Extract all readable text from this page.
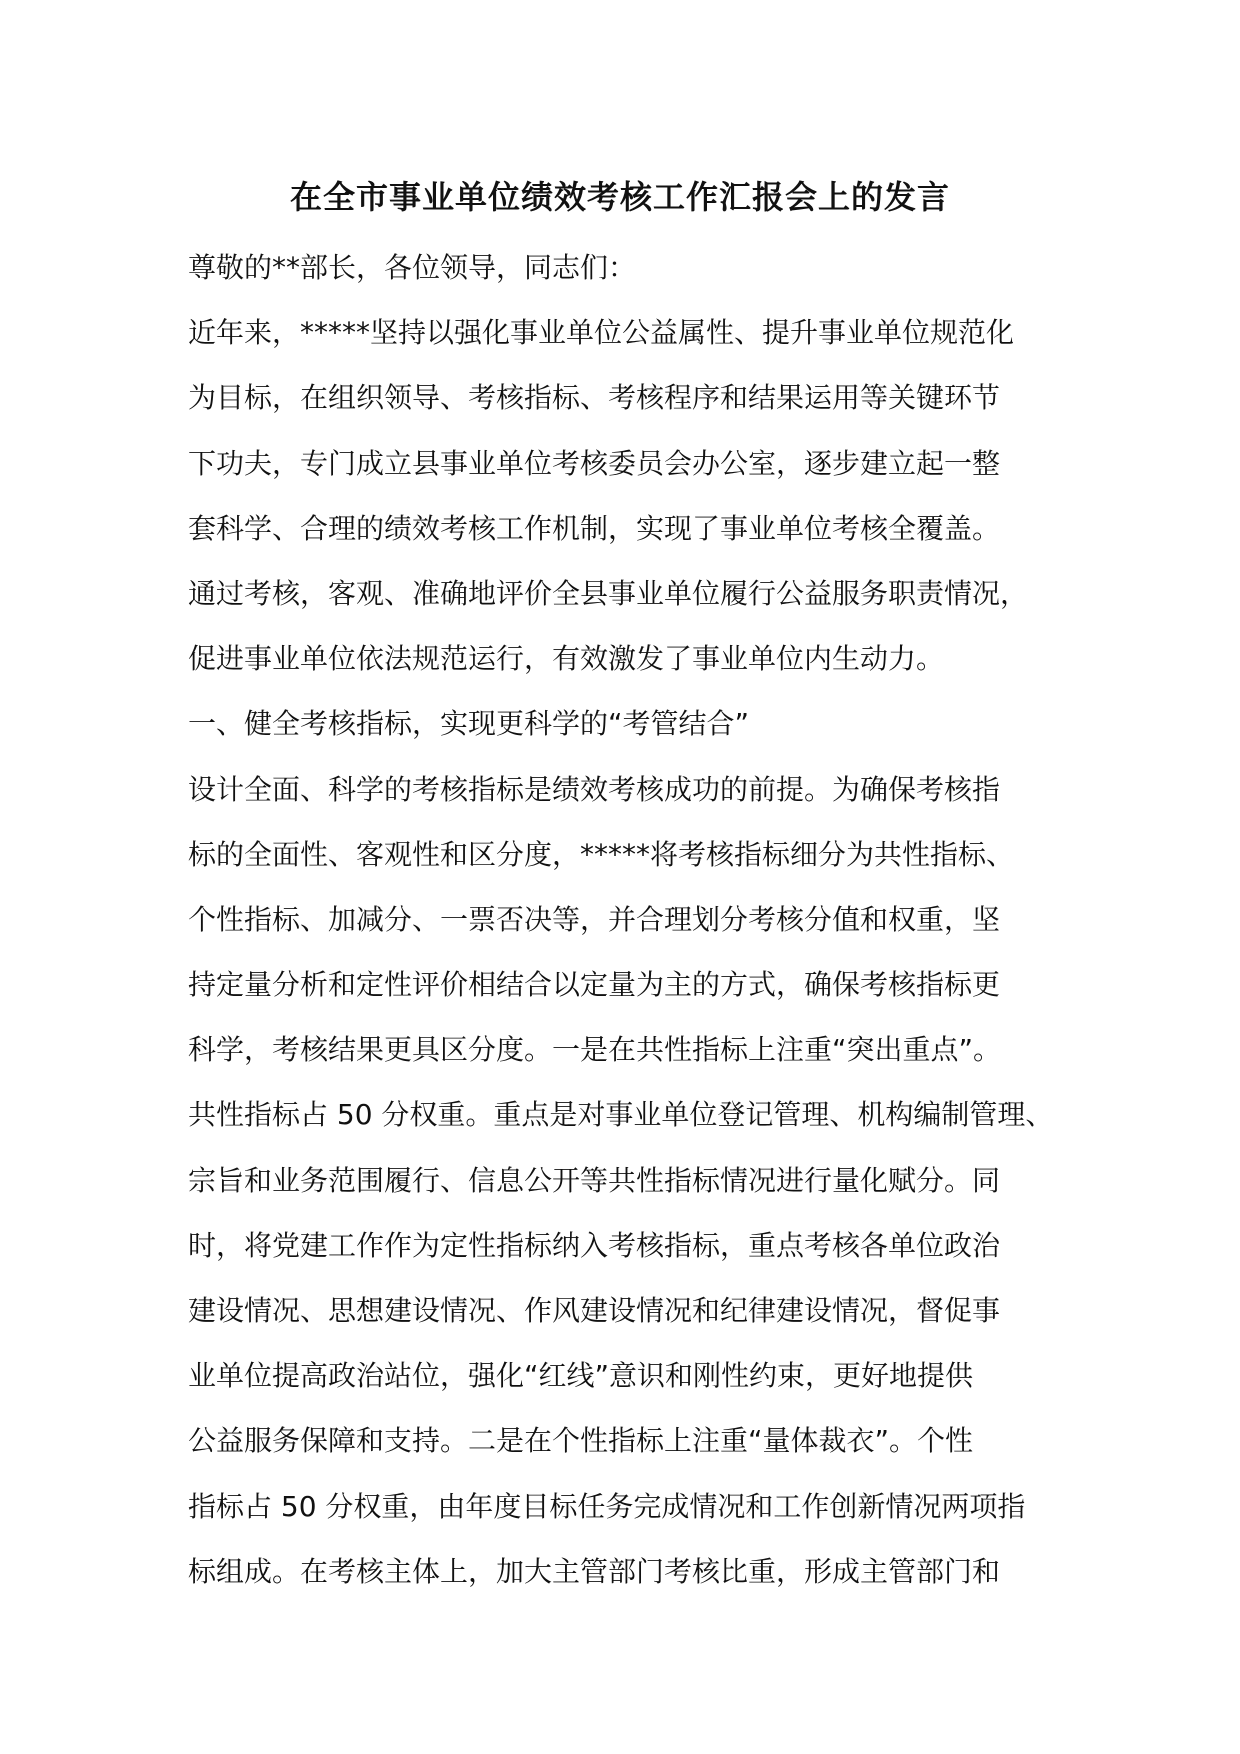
在全市事业单位绩效考核工作汇报会上的发言
尊敬的**部长，各位领导，同志们：
近年来，*****坚持以强化事业单位公益属性、提升事业单位规范化
为目标，在组织领导、考核指标、考核程序和结果运用等关键环节
下功夫，专门成立县事业单位考核委员会办公室，逐步建立起一整
套科学、合理的绩效考核工作机制，实现了事业单位考核全覆盖。
通过考核，客观、准确地评价全县事业单位履行公益服务职责情况，
促进事业单位依法规范运行，有效激发了事业单位内生动力。
一、健全考核指标，实现更科学的“考管结合”
设计全面、科学的考核指标是绩效考核成功的前提。为确保考核指
标的全面性、客观性和区分度，*****将考核指标细分为共性指标、
个性指标、加减分、一票否决等，并合理划分考核分值和权重，坚
持定量分析和定性评价相结合以定量为主的方式，确保考核指标更
科学，考核结果更具区分度。一是在共性指标上注重“突出重点”。
共性指标占 50 分权重。重点是对事业单位登记管理、机构编制管理、
宗旨和业务范围履行、信息公开等共性指标情况进行量化赋分。同
时，将党建工作作为定性指标纳入考核指标，重点考核各单位政治
建设情况、思想建设情况、作风建设情况和纪律建设情况，督促事
业单位提高政治站位，强化“红线”意识和刚性约束，更好地提供
公益服务保障和支持。二是在个性指标上注重“量体裁衣”。个性
指标占 50 分权重，由年度目标任务完成情况和工作创新情况两项指
标组成。在考核主体上，加大主管部门考核比重，形成主管部门和
